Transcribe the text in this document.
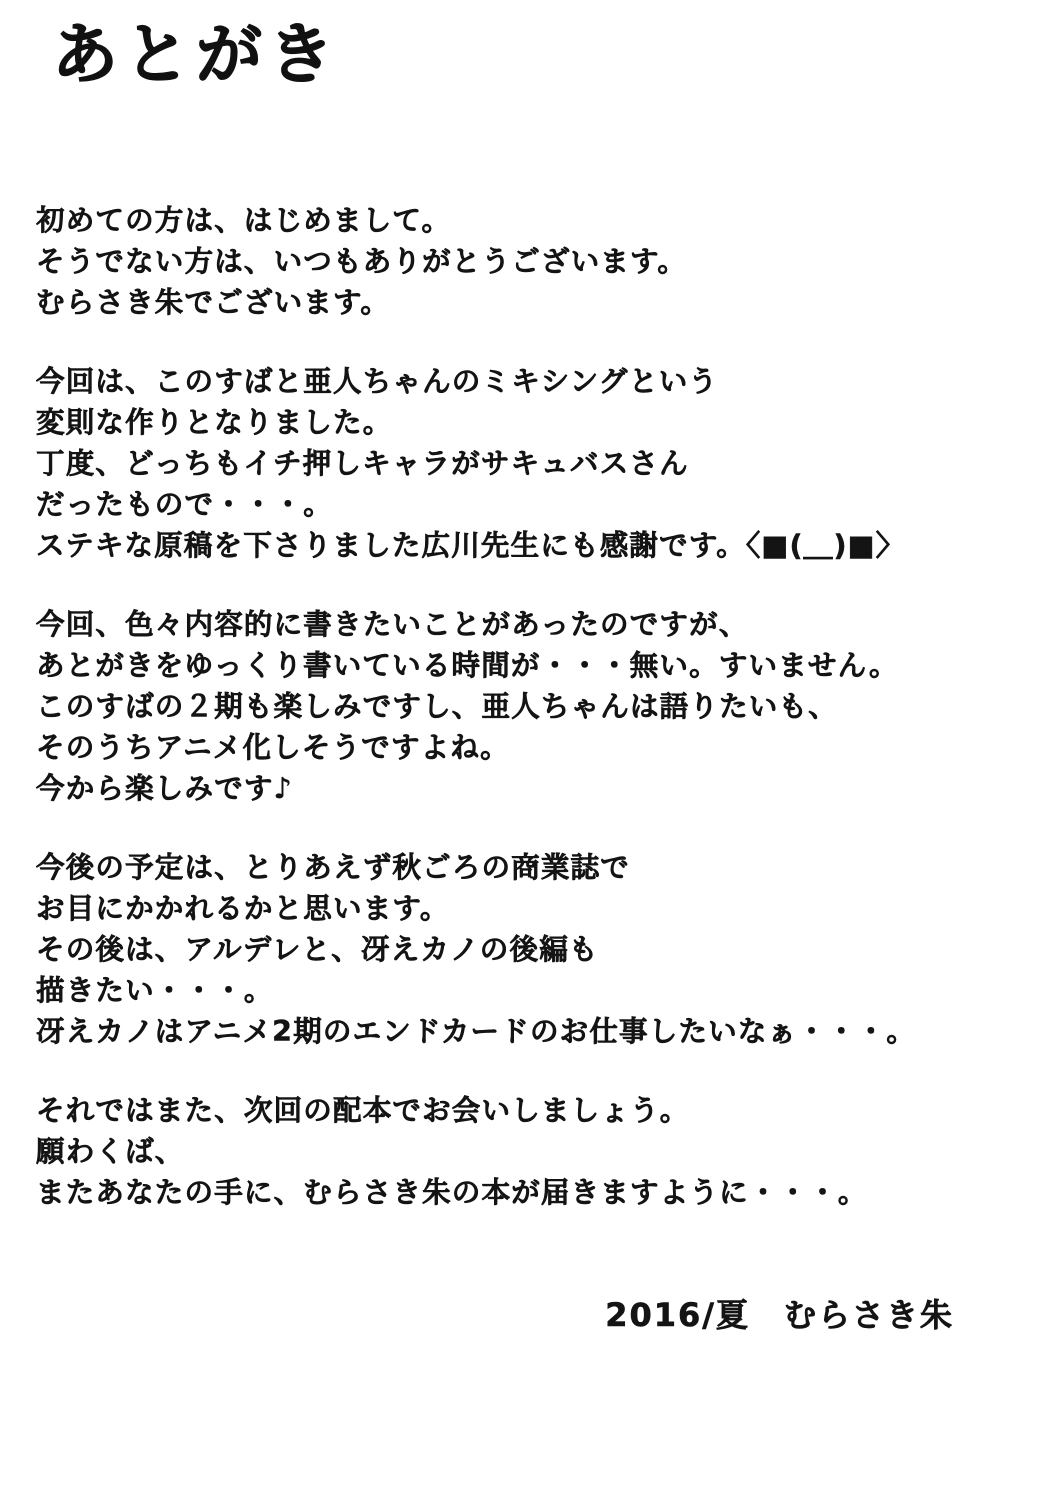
あとがき
初めての方は、はじめまして。
そうでない方は、いつもありがとうございます。
むらさき朱でございます。
今回は、このすばと亜人ちゃんのミキシングという
変則な作りとなりました。
丁度、どっちもイチ押しキャラがサキュバスさん
だったもので・・・。
ステキな原稿を下さりました広川先生にも感謝です。〈■(＿)■〉
今回、色々内容的に書きたいことがあったのですが、
あとがきをゆっくり書いている時間が・・・無い。すいません。
このすばの２期も楽しみですし、亜人ちゃんは語りたいも、
そのうちアニメ化しそうですよね。
今から楽しみです♪
今後の予定は、とりあえず秋ごろの商業誌で
お目にかかれるかと思います。
その後は、アルデレと、冴えカノの後編も
描きたい・・・。
冴えカノはアニメ2期のエンドカードのお仕事したいなぁ・・・。
それではまた、次回の配本でお会いしましょう。
願わくば、
またあなたの手に、むらさき朱の本が届きますように・・・。
2016/夏　むらさき朱
